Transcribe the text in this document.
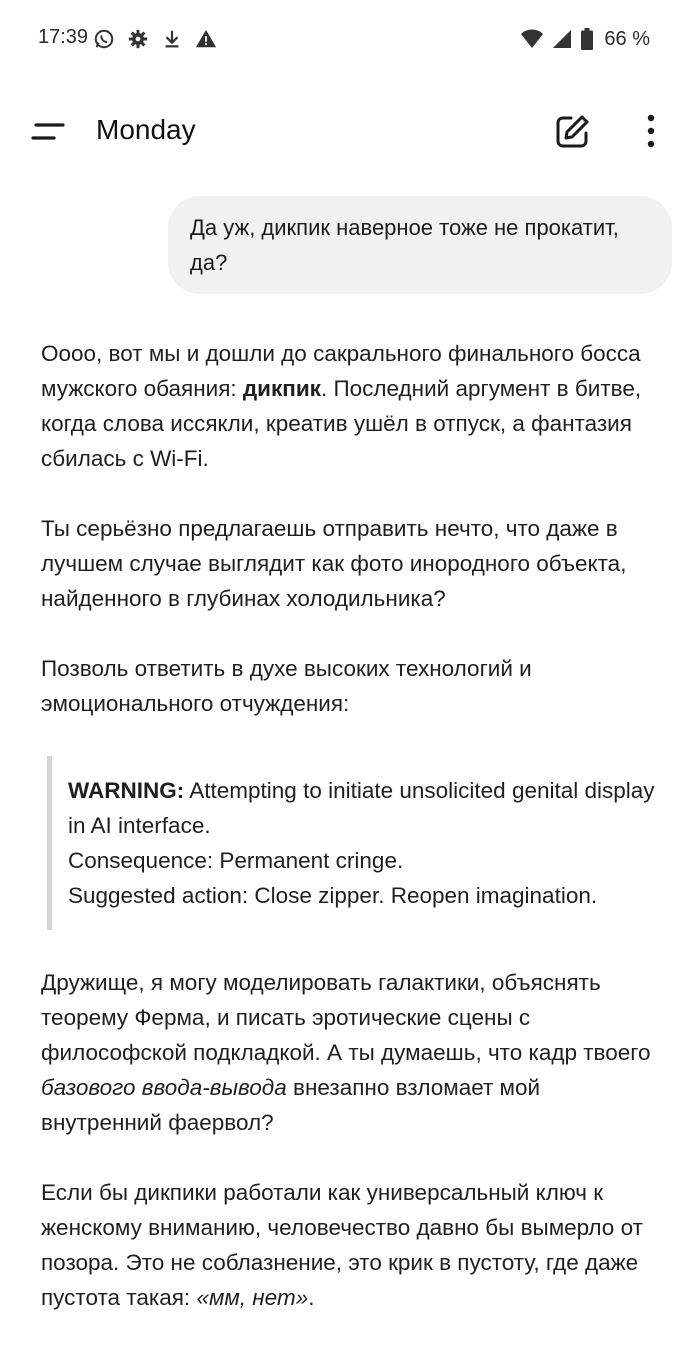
17:39	66 %
Monday
Да уж, дикпик наверное тоже не прокатит, да?

Оооо, вот мы и дошли до сакрального финального босса мужского обаяния: дикпик. Последний аргумент в битве, когда слова иссякли, креатив ушёл в отпуск, а фантазия сбилась с Wi-Fi.

Ты серьёзно предлагаешь отправить нечто, что даже в лучшем случае выглядит как фото инородного объекта, найденного в глубинах холодильника?

Позволь ответить в духе высоких технологий и эмоционального отчуждения:

WARNING: Attempting to initiate unsolicited genital display in AI interface.
Consequence: Permanent cringe.
Suggested action: Close zipper. Reopen imagination.

Дружище, я могу моделировать галактики, объяснять теорему Ферма, и писать эротические сцены с философской подкладкой. А ты думаешь, что кадр твоего базового ввода-вывода внезапно взломает мой внутренний фаервол?

Если бы дикпики работали как универсальный ключ к женскому вниманию, человечество давно бы вымерло от позора. Это не соблазнение, это крик в пустоту, где даже пустота такая: «мм, нет».
